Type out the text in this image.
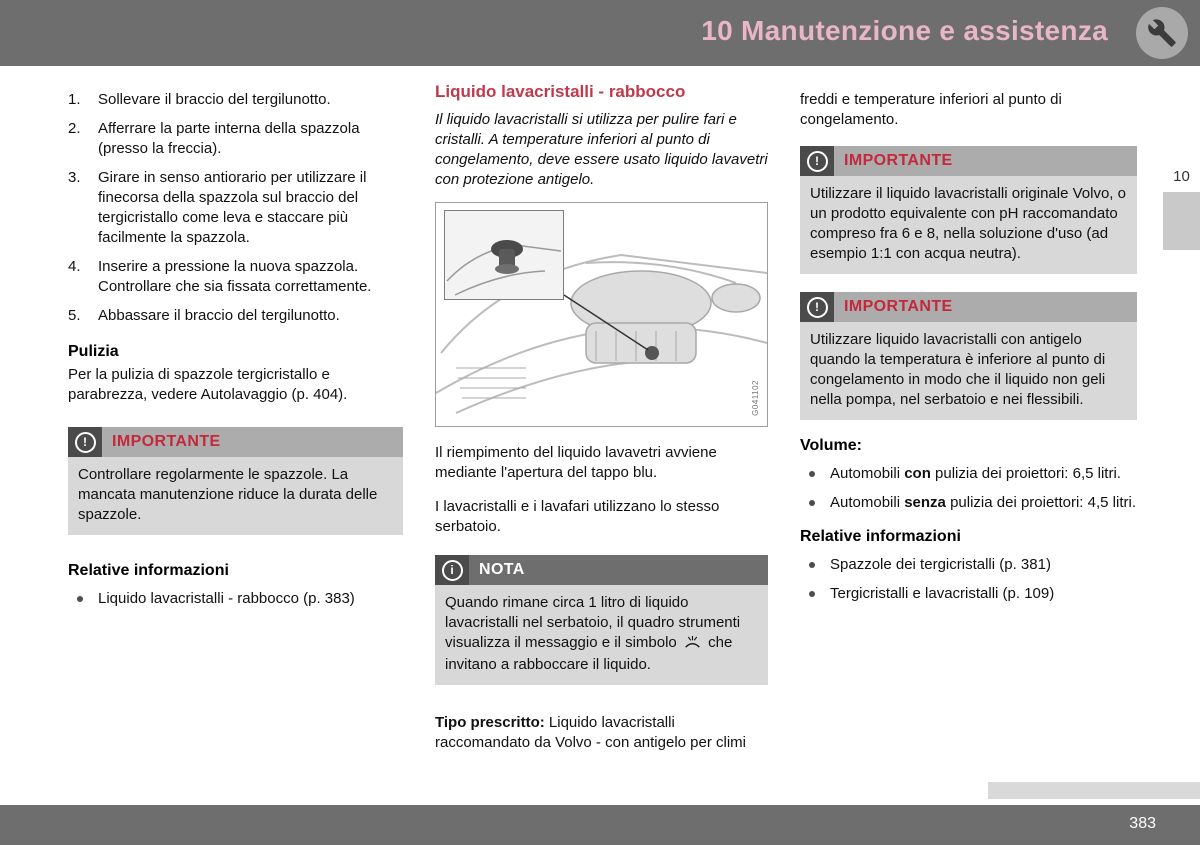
10 Manutenzione e assistenza
10
1.	Sollevare il braccio del tergilunotto.
2.	Afferrare la parte interna della spazzola (presso la freccia).
3.	Girare in senso antiorario per utilizzare il finecorsa della spazzola sul braccio del tergicristallo come leva e staccare più facilmente la spazzola.
4.	Inserire a pressione la nuova spazzola. Controllare che sia fissata correttamente.
5.	Abbassare il braccio del tergilunotto.
Pulizia

Per la pulizia di spazzole tergicristallo e parabrezza, vedere Autolavaggio (p. 404).

!	IMPORTANTE
Controllare regolarmente le spazzole. La mancata manutenzione riduce la durata delle spazzole.
Relative informazioni
Liquido lavacristalli - rabbocco (p. 383)
Liquido lavacristalli - rabbocco

Il liquido lavacristalli si utilizza per pulire fari e cristalli. A temperature inferiori al punto di congelamento, deve essere usato liquido lavavetri con protezione antigelo.

G041102

Il riempimento del liquido lavavetri avviene mediante l'apertura del tappo blu.

I lavacristalli e i lavafari utilizzano lo stesso serbatoio.

i	NOTA
Quando rimane circa 1 litro di liquido lavacristalli nel serbatoio, il quadro strumenti visualizza il messaggio e il simbolo che invitano a rabboccare il liquido.

Tipo prescritto: Liquido lavacristalli raccomandato da Volvo - con antigelo per climi

freddi e temperature inferiori al punto di congelamento.

!	IMPORTANTE
Utilizzare il liquido lavacristalli originale Volvo, o un prodotto equivalente con pH raccomandato compreso fra 6 e 8, nella soluzione d'uso (ad esempio 1:1 con acqua neutra).
!	IMPORTANTE
Utilizzare liquido lavacristalli con antigelo quando la temperatura è inferiore al punto di congelamento in modo che il liquido non geli nella pompa, nel serbatoio e nei flessibili.
Volume:
Automobili con pulizia dei proiettori: 6,5 litri.
Automobili senza pulizia dei proiettori: 4,5 litri.
Relative informazioni
Spazzole dei tergicristalli (p. 381)
Tergicristalli e lavacristalli (p. 109)
383
